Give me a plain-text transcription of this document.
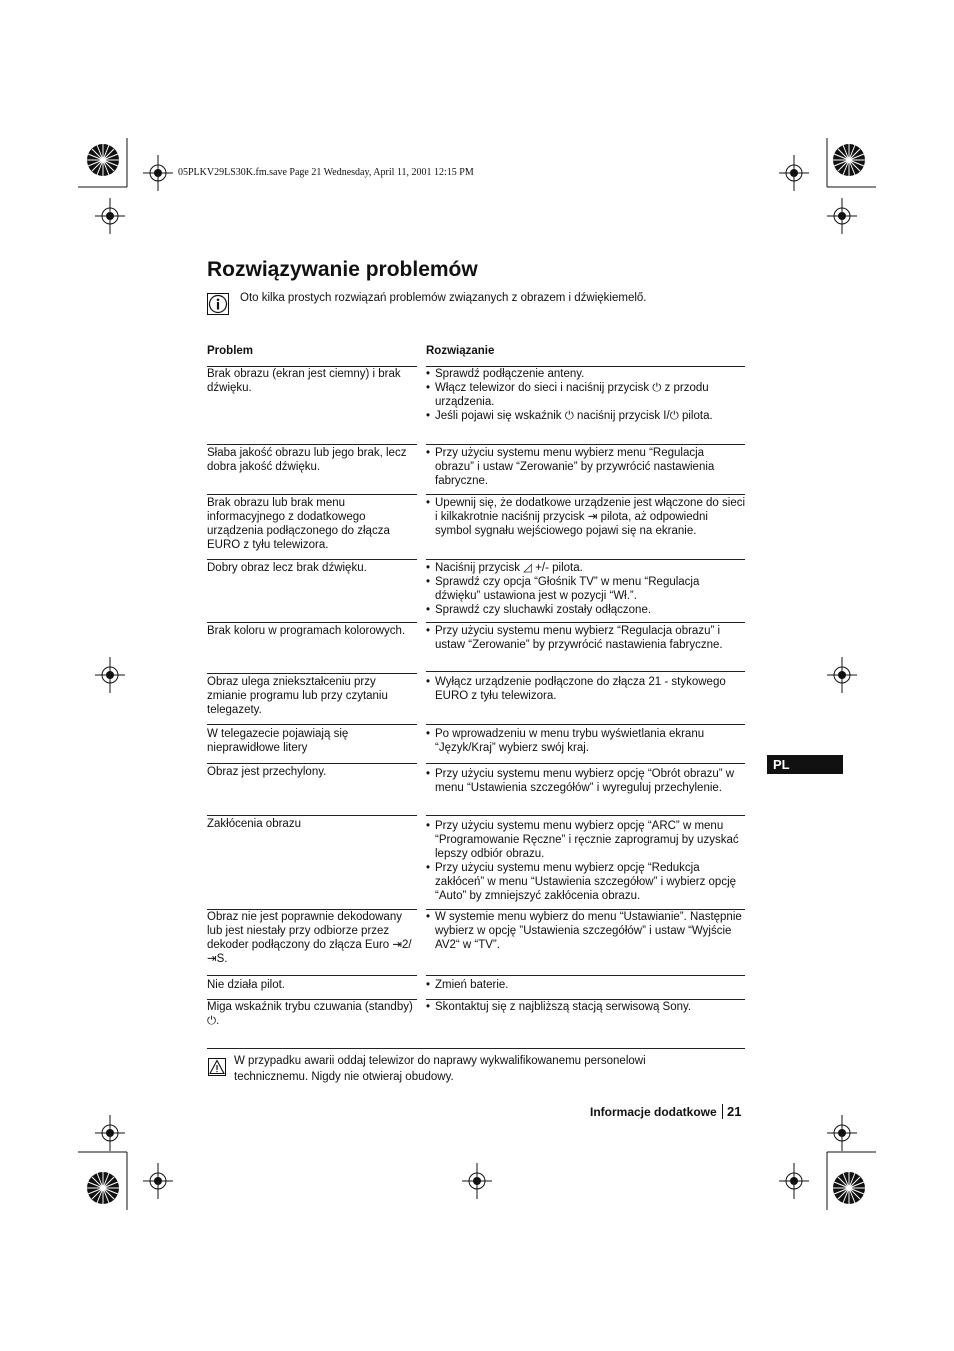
05PLKV29LS30K.fm.save Page 21 Wednesday, April 11, 2001 12:15 PM
Rozwiązywanie problemów
Oto kilka prostych rozwiązań problemów związanych z obrazem i dźwiękiemelő.
Problem	Rozwiązanie
Brak obrazu (ekran jest ciemny) i brak dźwięku.
• Sprawdź podłączenie anteny.
• Włącz telewizor do sieci i naciśnij przycisk ⏻ z przodu urządzenia.
• Jeśli pojawi się wskaźnik ⏻ naciśnij przycisk I/⏻ pilota.
Słaba jakość obrazu lub jego brak, lecz dobra jakość dźwięku.
• Przy użyciu systemu menu wybierz menu “Regulacja obrazu” i ustaw “Zerowanie” by przywrócić nastawienia fabryczne.
Brak obrazu lub brak menu informacyjnego z dodatkowego urządzenia podłączonego do złącza EURO z tyłu telewizora.
• Upewnij się, że dodatkowe urządzenie jest włączone do sieci i kilkakrotnie naciśnij przycisk ⇥ pilota, aż odpowiedni symbol sygnału wejściowego pojawi się na ekranie.
Dobry obraz lecz brak dźwięku.	• Naciśnij przycisk ◿ +/- pilota.
• Sprawdź czy opcja “Głośnik TV” w menu “Regulacja dźwięku” ustawiona jest w pozycji “Wł.”.
• Sprawdź czy sluchawki zostały odłączone.
Brak koloru w programach kolorowych.	• Przy użyciu systemu menu wybierz “Regulacja obrazu” i ustaw “Zerowanie” by przywrócić nastawienia fabryczne.
Obraz ulega zniekształceniu przy zmianie programu lub przy czytaniu telegazety.
• Wyłącz urządzenie podłączone do złącza 21 - stykowego EURO z tyłu telewizora.
W telegazecie pojawiają się nieprawidłowe litery
• Po wprowadzeniu w menu trybu wyświetlania ekranu “Język/Kraj” wybierz swój kraj.
Obraz jest przechylony.	• Przy użyciu systemu menu wybierz opcję “Obrót obrazu” w menu “Ustawienia szczegółów” i wyreguluj przechylenie.
Zakłócenia obrazu	• Przy użyciu systemu menu wybierz opcję “ARC” w menu “Programowanie Ręczne” i ręcznie zaprogramuj by uzyskać lepszy odbiór obrazu.
• Przy użyciu systemu menu wybierz opcję “Redukcja zakłóceń” w menu “Ustawienia szczegółow” i wybierz opcję “Auto” by zmniejszyć zakłócenia obrazu.
Obraz nie jest poprawnie dekodowany lub jest niestały przy odbiorze przez dekoder podłączony do złącza Euro ⇥2/⇥S.
• W systemie menu wybierz do menu “Ustawianie”. Następnie wybierz w opcję ”Ustawienia szczegółów” i ustaw “Wyjście AV2“ w “TV”.
Nie działa pilot.	• Zmień baterie.
Miga wskaźnik trybu czuwania (standby) ⏻.
• Skontaktuj się z najbliższą stacją serwisową Sony.
PL
W przypadku awarii oddaj telewizor do naprawy wykwalifikowanemu personelowi technicznemu. Nigdy nie otwieraj obudowy.
Informacje dodatkowe 21
